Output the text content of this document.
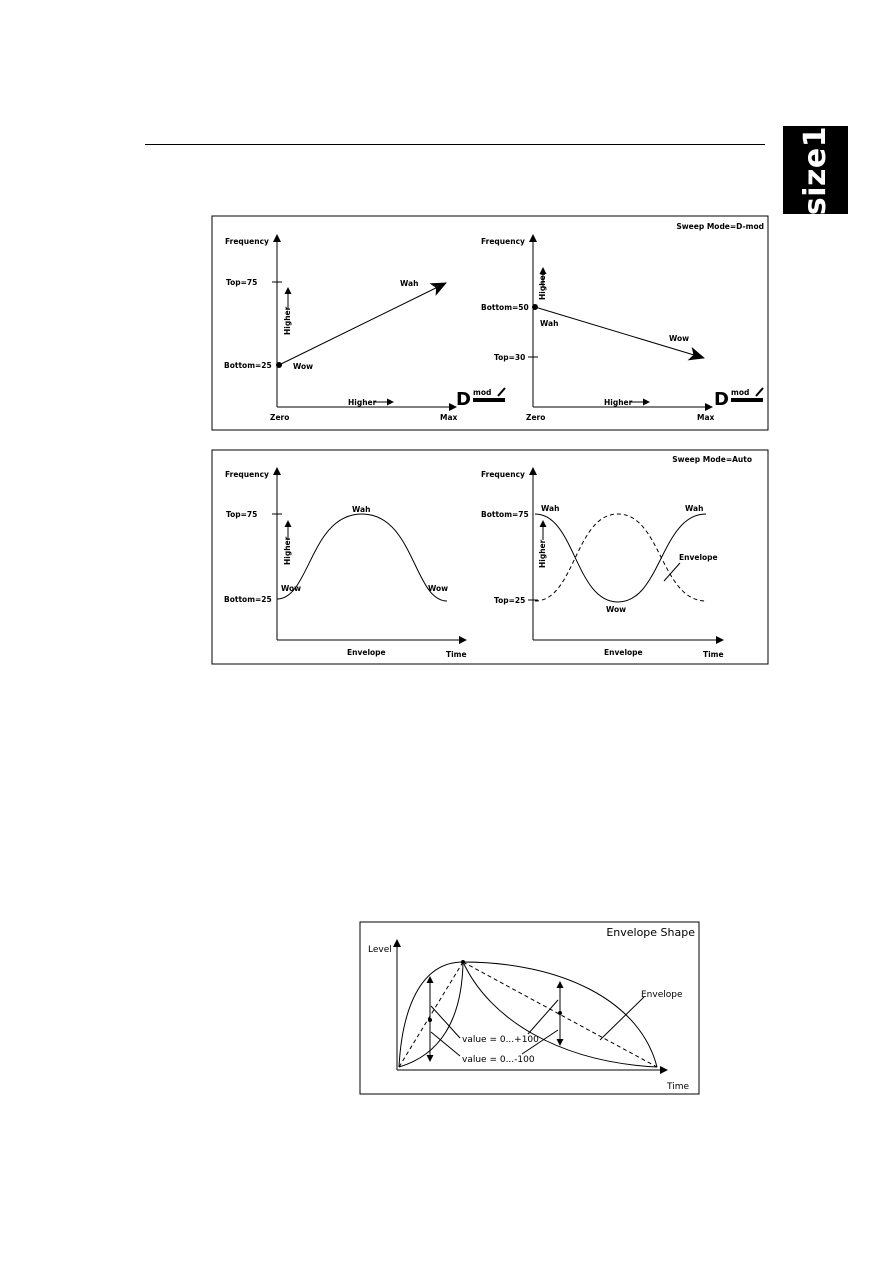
size1
Sweep Mode=D-mod
Frequency
Top=75
Bottom=25
Higher
Wah
Wow
Higher
Zero	Max
D mod
Frequency
Higher
Bottom=50
Top=30
Wah
Wow
Higher
Zero	Max
D mod
Sweep Mode=Auto
Frequency
Top=75
Bottom=25
Higher
Wah
Wow	Wow
Envelope	Time
Frequency
Bottom=75
Top=25
Higher
Wah	Wah
Wow
Envelope
Envelope	Time
Envelope Shape
Level
Time
value = 0...+100
value = 0...-100
Envelope
